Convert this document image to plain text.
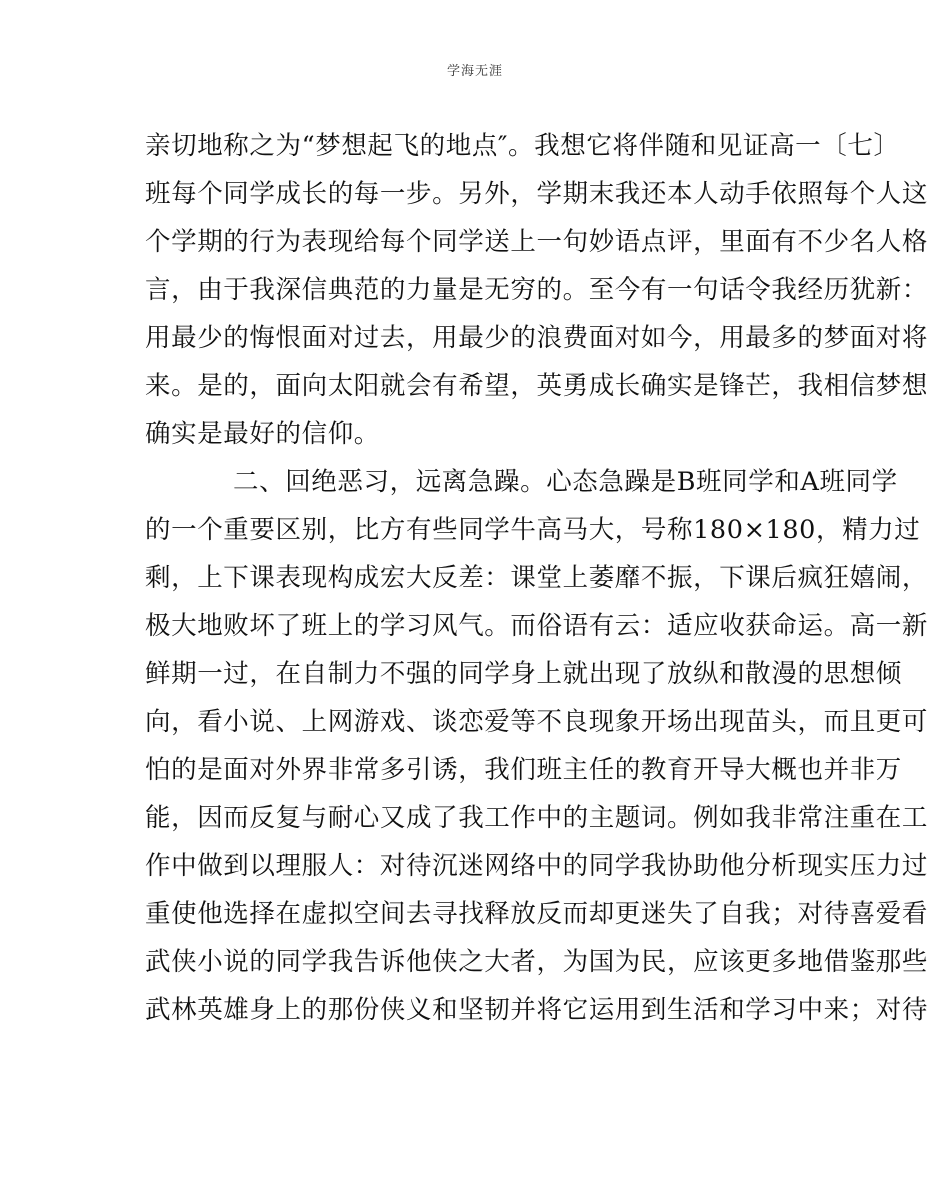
学海无涯
亲切地称之为“梦想起飞的地点″。我想它将伴随和见证高一〔七〕
班每个同学成长的每一步。另外，学期末我还本人动手依照每个人这
个学期的行为表现给每个同学送上一句妙语点评，里面有不少名人格
言，由于我深信典范的力量是无穷的。至今有一句话令我经历犹新：
用最少的悔恨面对过去，用最少的浪费面对如今，用最多的梦面对将
来。是的，面向太阳就会有希望，英勇成长确实是锋芒，我相信梦想
确实是最好的信仰。
二、回绝恶习，远离急躁。心态急躁是B班同学和A班同学
的一个重要区别，比方有些同学牛高马大，号称180×180，精力过
剩，上下课表现构成宏大反差：课堂上萎靡不振，下课后疯狂嬉闹，
极大地败坏了班上的学习风气。而俗语有云：适应收获命运。高一新
鲜期一过，在自制力不强的同学身上就出现了放纵和散漫的思想倾
向，看小说、上网游戏、谈恋爱等不良现象开场出现苗头，而且更可
怕的是面对外界非常多引诱，我们班主任的教育开导大概也并非万
能，因而反复与耐心又成了我工作中的主题词。例如我非常注重在工
作中做到以理服人：对待沉迷网络中的同学我协助他分析现实压力过
重使他选择在虚拟空间去寻找释放反而却更迷失了自我；对待喜爱看
武侠小说的同学我告诉他侠之大者，为国为民，应该更多地借鉴那些
武林英雄身上的那份侠义和坚韧并将它运用到生活和学习中来；对待
